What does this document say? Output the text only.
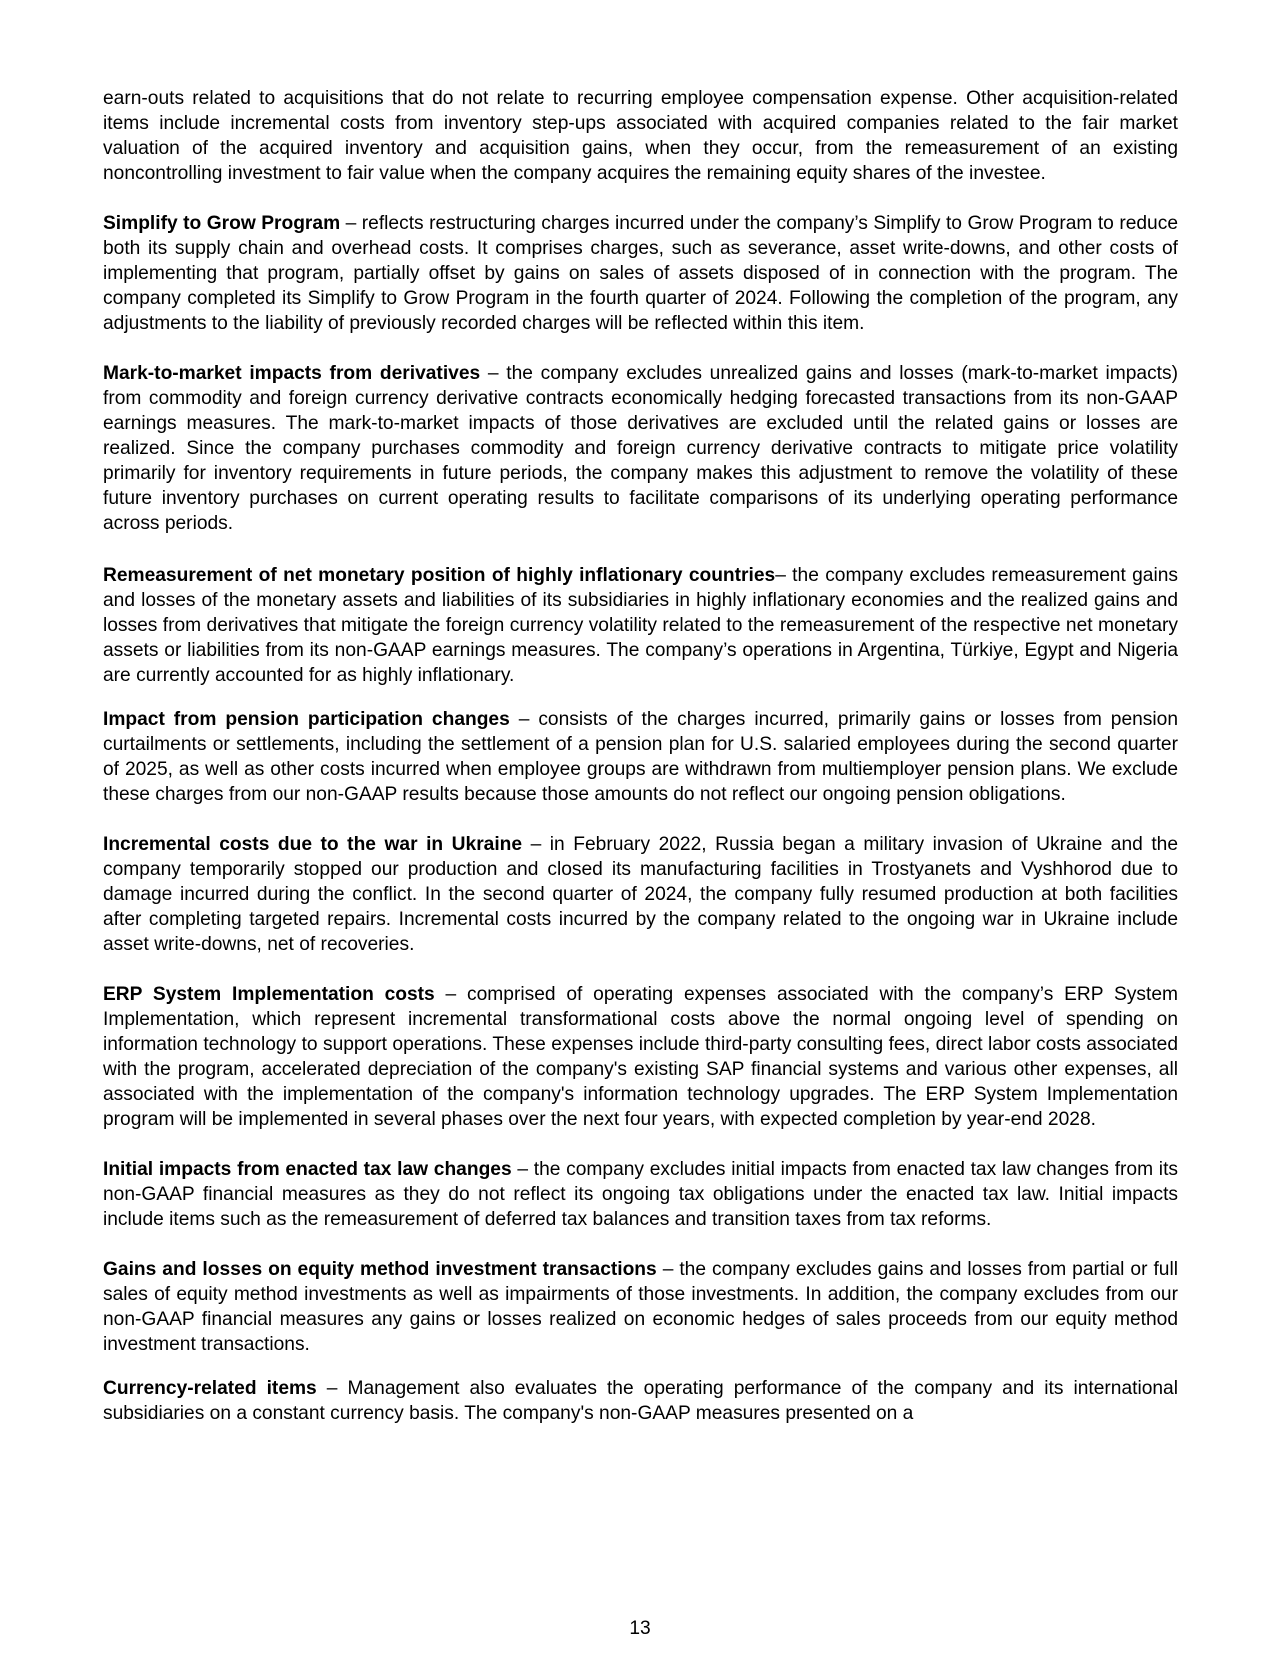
earn-outs related to acquisitions that do not relate to recurring employee compensation expense. Other acquisition-related items include incremental costs from inventory step-ups associated with acquired companies related to the fair market valuation of the acquired inventory and acquisition gains, when they occur, from the remeasurement of an existing noncontrolling investment to fair value when the company acquires the remaining equity shares of the investee.

Simplify to Grow Program – reflects restructuring charges incurred under the company’s Simplify to Grow Program to reduce both its supply chain and overhead costs. It comprises charges, such as severance, asset write-downs, and other costs of implementing that program, partially offset by gains on sales of assets disposed of in connection with the program. The company completed its Simplify to Grow Program in the fourth quarter of 2024. Following the completion of the program, any adjustments to the liability of previously recorded charges will be reflected within this item.

Mark-to-market impacts from derivatives – the company excludes unrealized gains and losses (mark-to-market impacts) from commodity and foreign currency derivative contracts economically hedging forecasted transactions from its non-GAAP earnings measures. The mark-to-market impacts of those derivatives are excluded until the related gains or losses are realized. Since the company purchases commodity and foreign currency derivative contracts to mitigate price volatility primarily for inventory requirements in future periods, the company makes this adjustment to remove the volatility of these future inventory purchases on current operating results to facilitate comparisons of its underlying operating performance across periods.

Remeasurement of net monetary position of highly inflationary countries– the company excludes remeasurement gains and losses of the monetary assets and liabilities of its subsidiaries in highly inflationary economies and the realized gains and losses from derivatives that mitigate the foreign currency volatility related to the remeasurement of the respective net monetary assets or liabilities from its non-GAAP earnings measures. The company’s operations in Argentina, Türkiye, Egypt and Nigeria are currently accounted for as highly inflationary.

Impact from pension participation changes – consists of the charges incurred, primarily gains or losses from pension curtailments or settlements, including the settlement of a pension plan for U.S. salaried employees during the second quarter of 2025, as well as other costs incurred when employee groups are withdrawn from multiemployer pension plans. We exclude these charges from our non-GAAP results because those amounts do not reflect our ongoing pension obligations.

Incremental costs due to the war in Ukraine – in February 2022, Russia began a military invasion of Ukraine and the company temporarily stopped our production and closed its manufacturing facilities in Trostyanets and Vyshhorod due to damage incurred during the conflict. In the second quarter of 2024, the company fully resumed production at both facilities after completing targeted repairs. Incremental costs incurred by the company related to the ongoing war in Ukraine include asset write-downs, net of recoveries.

ERP System Implementation costs – comprised of operating expenses associated with the company’s ERP System Implementation, which represent incremental transformational costs above the normal ongoing level of spending on information technology to support operations. These expenses include third-party consulting fees, direct labor costs associated with the program, accelerated depreciation of the company's existing SAP financial systems and various other expenses, all associated with the implementation of the company's information technology upgrades. The ERP System Implementation program will be implemented in several phases over the next four years, with expected completion by year-end 2028.

Initial impacts from enacted tax law changes – the company excludes initial impacts from enacted tax law changes from its non-GAAP financial measures as they do not reflect its ongoing tax obligations under the enacted tax law. Initial impacts include items such as the remeasurement of deferred tax balances and transition taxes from tax reforms.

Gains and losses on equity method investment transactions – the company excludes gains and losses from partial or full sales of equity method investments as well as impairments of those investments. In addition, the company excludes from our non-GAAP financial measures any gains or losses realized on economic hedges of sales proceeds from our equity method investment transactions.

Currency-related items – Management also evaluates the operating performance of the company and its international subsidiaries on a constant currency basis. The company's non-GAAP measures presented on a

13
